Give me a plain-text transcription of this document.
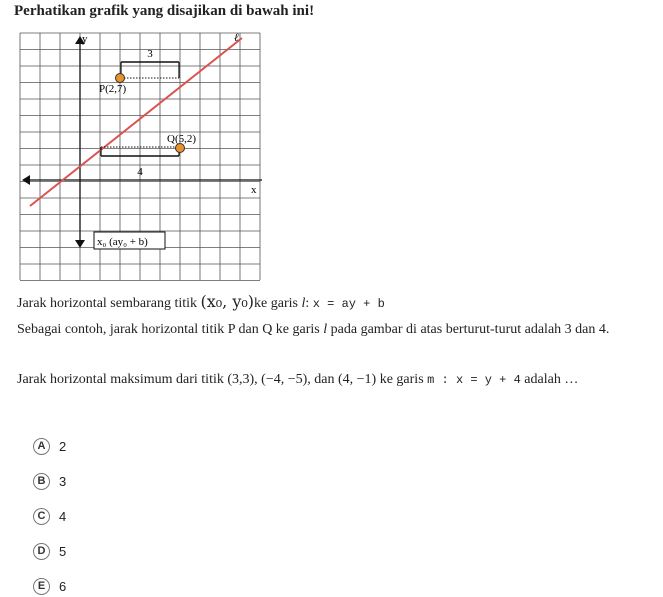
Perhatikan grafik yang disajikan di bawah ini!
3
4
P(2,7)
Q(5,2)
y
x
ℓ
x₀ (ay₀ + b)

Jarak horizontal sembarang titik (x₀, y₀)ke garis l: x = ay + b

Sebagai contoh, jarak horizontal titik P dan Q ke garis l pada gambar di atas berturut-turut adalah 3 dan 4.

Jarak horizontal maksimum dari titik (3,3), (−4, −5), dan (4, −1) ke garis m : x = y + 4 adalah …

A	2
B	3
C	4
D	5
E	6
